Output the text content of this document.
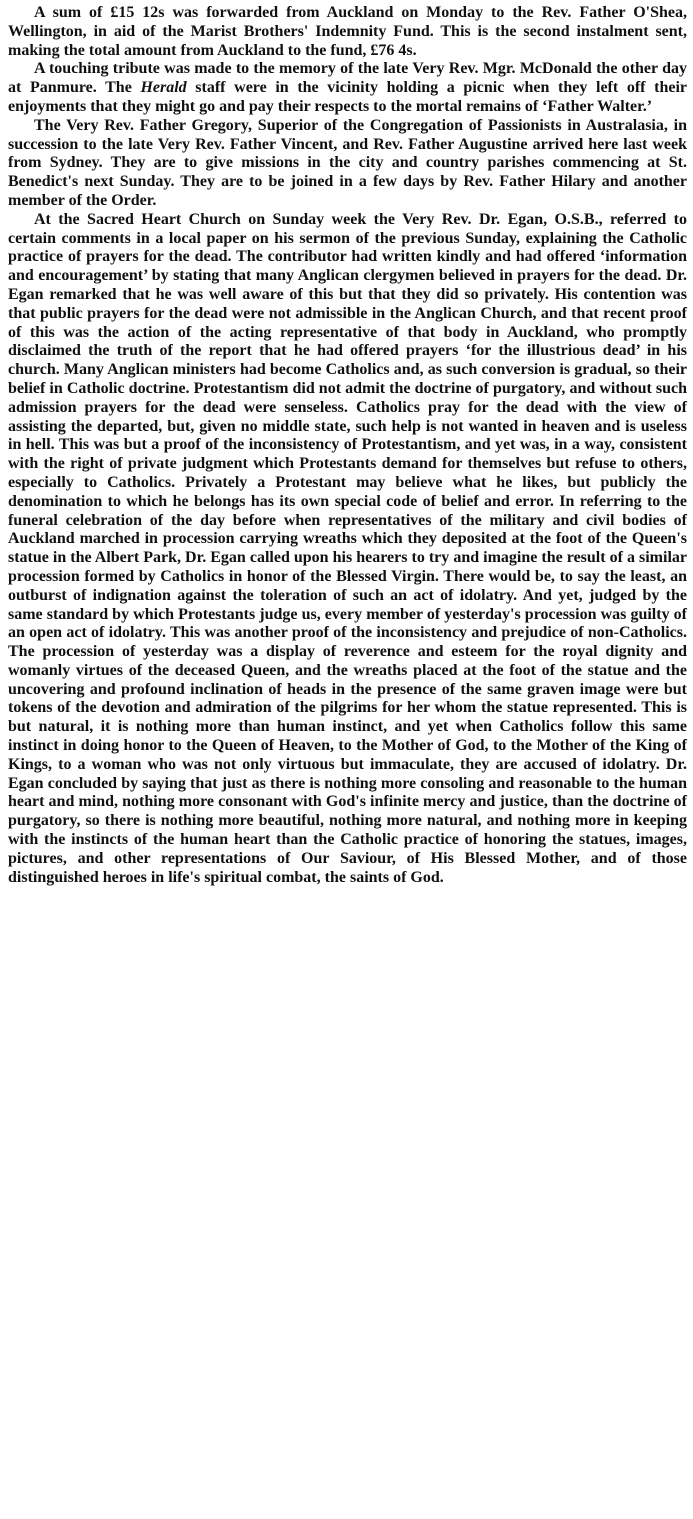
A sum of £15 12s was forwarded from Auckland on Monday to the Rev. Father O'Shea, Wellington, in aid of the Marist Brothers' Indemnity Fund. This is the second instalment sent, making the total amount from Auckland to the fund, £76 4s.

A touching tribute was made to the memory of the late Very Rev. Mgr. McDonald the other day at Panmure. The Herald staff were in the vicinity holding a picnic when they left off their enjoyments that they might go and pay their respects to the mortal remains of ‘Father Walter.’

The Very Rev. Father Gregory, Superior of the Congregation of Passionists in Australasia, in succession to the late Very Rev. Father Vincent, and Rev. Father Augustine arrived here last week from Sydney. They are to give missions in the city and country parishes commencing at St. Benedict's next Sunday. They are to be joined in a few days by Rev. Father Hilary and another member of the Order.

At the Sacred Heart Church on Sunday week the Very Rev. Dr. Egan, O.S.B., referred to certain comments in a local paper on his sermon of the previous Sunday, explaining the Catholic practice of prayers for the dead. The contributor had written kindly and had offered ‘information and encouragement’ by stating that many Anglican clergymen believed in prayers for the dead. Dr. Egan remarked that he was well aware of this but that they did so privately. His contention was that public prayers for the dead were not admissible in the Anglican Church, and that recent proof of this was the action of the acting representative of that body in Auckland, who promptly disclaimed the truth of the report that he had offered prayers ‘for the illustrious dead’ in his church. Many Anglican ministers had become Catholics and, as such conversion is gradual, so their belief in Catholic doctrine. Protestantism did not admit the doctrine of purgatory, and without such admission prayers for the dead were senseless. Catholics pray for the dead with the view of assisting the departed, but, given no middle state, such help is not wanted in heaven and is useless in hell. This was but a proof of the inconsistency of Protestantism, and yet was, in a way, consistent with the right of private judgment which Protestants demand for themselves but refuse to others, especially to Catholics. Privately a Protestant may believe what he likes, but publicly the denomination to which he belongs has its own special code of belief and error. In referring to the funeral celebration of the day before when representatives of the military and civil bodies of Auckland marched in procession carrying wreaths which they deposited at the foot of the Queen's statue in the Albert Park, Dr. Egan called upon his hearers to try and imagine the result of a similar procession formed by Catholics in honor of the Blessed Virgin. There would be, to say the least, an outburst of indignation against the toleration of such an act of idolatry. And yet, judged by the same standard by which Protestants judge us, every member of yesterday's procession was guilty of an open act of idolatry. This was another proof of the inconsistency and prejudice of non-Catholics. The procession of yesterday was a display of reverence and esteem for the royal dignity and womanly virtues of the deceased Queen, and the wreaths placed at the foot of the statue and the uncovering and profound inclination of heads in the presence of the same graven image were but tokens of the devotion and admiration of the pilgrims for her whom the statue represented. This is but natural, it is nothing more than human instinct, and yet when Catholics follow this same instinct in doing honor to the Queen of Heaven, to the Mother of God, to the Mother of the King of Kings, to a woman who was not only virtuous but immaculate, they are accused of idolatry. Dr. Egan concluded by saying that just as there is nothing more consoling and reasonable to the human heart and mind, nothing more consonant with God's infinite mercy and justice, than the doctrine of purgatory, so there is nothing more beautiful, nothing more natural, and nothing more in keeping with the instincts of the human heart than the Catholic practice of honoring the statues, images, pictures, and other representations of Our Saviour, of His Blessed Mother, and of those distinguished heroes in life's spiritual combat, the saints of God.
